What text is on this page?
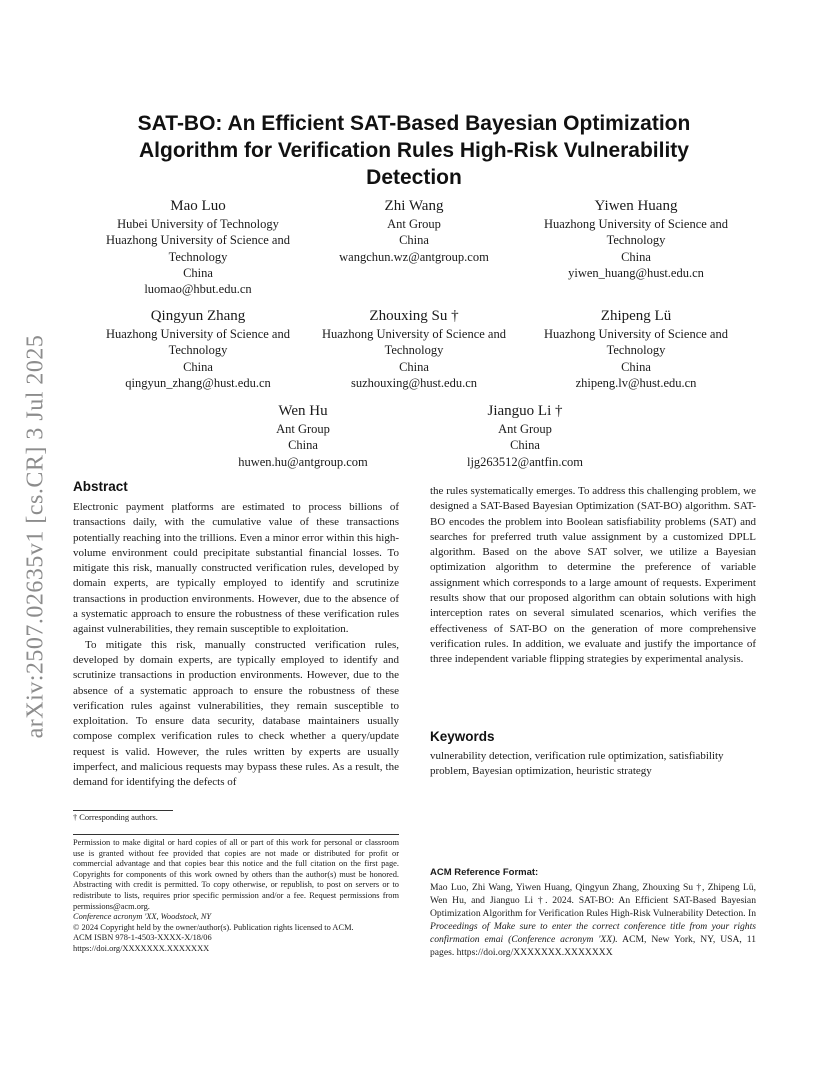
arXiv:2507.02635v1 [cs.CR] 3 Jul 2025
SAT-BO: An Efficient SAT-Based Bayesian Optimization Algorithm for Verification Rules High-Risk Vulnerability Detection
Mao Luo
Hubei University of Technology
Huazhong University of Science and Technology
China
luomao@hbut.edu.cn
Zhi Wang
Ant Group
China
wangchun.wz@antgroup.com
Yiwen Huang
Huazhong University of Science and Technology
China
yiwen_huang@hust.edu.cn
Qingyun Zhang
Huazhong University of Science and Technology
China
qingyun_zhang@hust.edu.cn
Zhouxing Su †
Huazhong University of Science and Technology
China
suzhouxing@hust.edu.cn
Zhipeng Lü
Huazhong University of Science and Technology
China
zhipeng.lv@hust.edu.cn
Wen Hu
Ant Group
China
huwen.hu@antgroup.com
Jianguo Li †
Ant Group
China
ljg263512@antfin.com
Abstract

Electronic payment platforms are estimated to process billions of transactions daily, with the cumulative value of these transactions potentially reaching into the trillions. Even a minor error within this high-volume environment could precipitate substantial financial losses. To mitigate this risk, manually constructed verification rules, developed by domain experts, are typically employed to identify and scrutinize transactions in production environments. However, due to the absence of a systematic approach to ensure the robustness of these verification rules against vulnerabilities, they remain susceptible to exploitation.

To mitigate this risk, manually constructed verification rules, developed by domain experts, are typically employed to identify and scrutinize transactions in production environments. However, due to the absence of a systematic approach to ensure the robustness of these verification rules against vulnerabilities, they remain susceptible to exploitation. To ensure data security, database maintainers usually compose complex verification rules to check whether a query/update request is valid. However, the rules written by experts are usually imperfect, and malicious requests may bypass these rules. As a result, the demand for identifying the defects of

the rules systematically emerges. To address this challenging problem, we designed a SAT-Based Bayesian Optimization (SAT-BO) algorithm. SAT-BO encodes the problem into Boolean satisfiability problems (SAT) and searches for preferred truth value assignment by a customized DPLL algorithm. Based on the above SAT solver, we utilize a Bayesian optimization algorithm to determine the preference of variable assignment which corresponds to a large amount of requests. Experiment results show that our proposed algorithm can obtain solutions with high interception rates on several simulated scenarios, which verifies the effectiveness of SAT-BO on the generation of more comprehensive verification rules. In addition, we evaluate and justify the importance of three independent variable flipping strategies by experimental analysis.

Keywords
vulnerability detection, verification rule optimization, satisfiability problem, Bayesian optimization, heuristic strategy
† Corresponding authors.

Permission to make digital or hard copies of all or part of this work for personal or classroom use is granted without fee provided that copies are not made or distributed for profit or commercial advantage and that copies bear this notice and the full citation on the first page. Copyrights for components of this work owned by others than the author(s) must be honored. Abstracting with credit is permitted. To copy otherwise, or republish, to post on servers or to redistribute to lists, requires prior specific permission and/or a fee. Request permissions from permissions@acm.org.

Conference acronym 'XX, Woodstock, NY

© 2024 Copyright held by the owner/author(s). Publication rights licensed to ACM.

ACM ISBN 978-1-4503-XXXX-X/18/06

https://doi.org/XXXXXXX.XXXXXXX

ACM Reference Format:
Mao Luo, Zhi Wang, Yiwen Huang, Qingyun Zhang, Zhouxing Su †, Zhipeng Lü, Wen Hu, and Jianguo Li †. 2024. SAT-BO: An Efficient SAT-Based Bayesian Optimization Algorithm for Verification Rules High-Risk Vulnerability Detection. In Proceedings of Make sure to enter the correct conference title from your rights confirmation emai (Conference acronym 'XX). ACM, New York, NY, USA, 11 pages. https://doi.org/XXXXXXX.XXXXXXX
